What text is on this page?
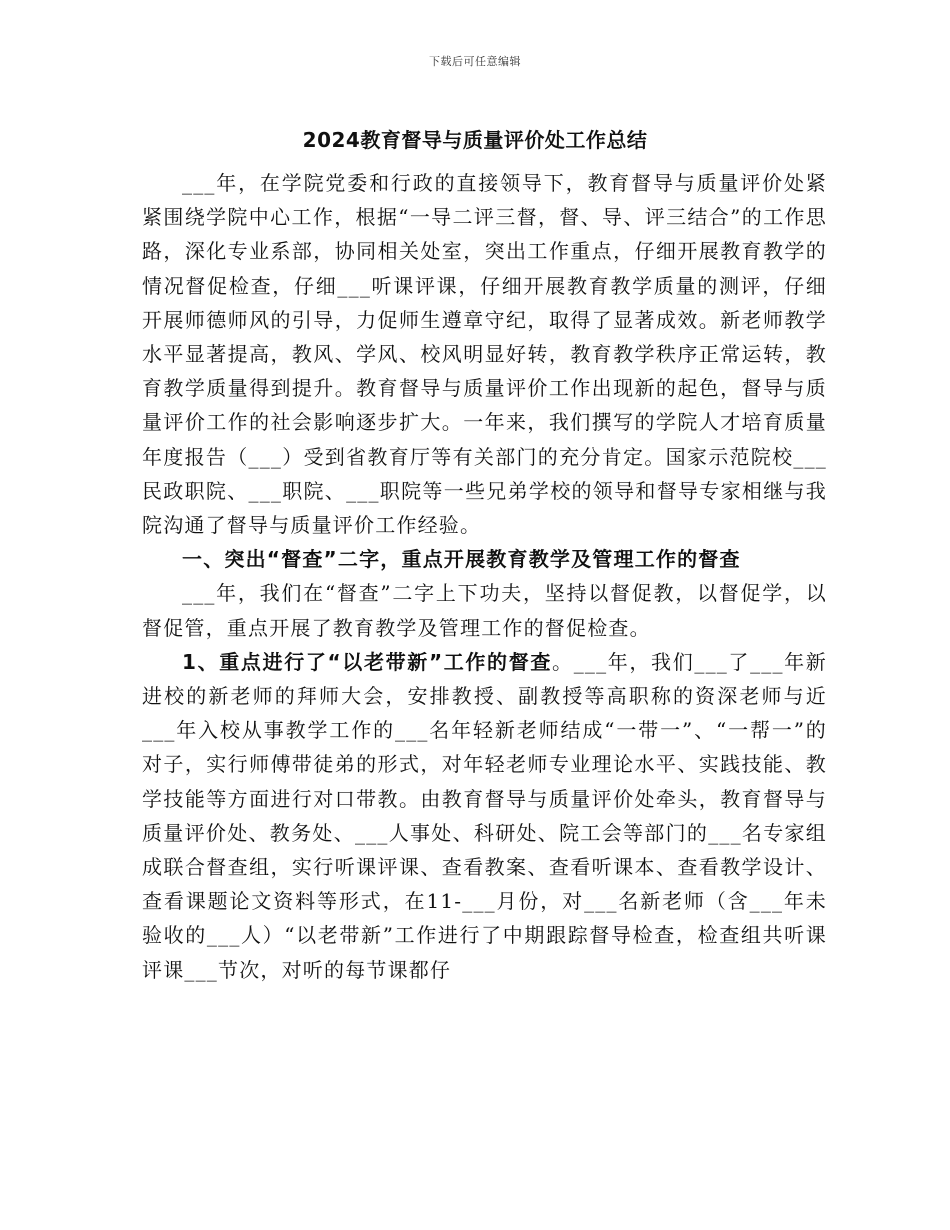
下载后可任意编辑
2024教育督导与质量评价处工作总结

___年，在学院党委和行政的直接领导下，教育督导与质量评价处紧紧围绕学院中心工作，根据“一导二评三督，督、导、评三结合”的工作思路，深化专业系部，协同相关处室，突出工作重点，仔细开展教育教学的情况督促检查，仔细___听课评课，仔细开展教育教学质量的测评，仔细开展师德师风的引导，力促师生遵章守纪，取得了显著成效。新老师教学水平显著提高，教风、学风、校风明显好转，教育教学秩序正常运转，教育教学质量得到提升。教育督导与质量评价工作出现新的起色，督导与质量评价工作的社会影响逐步扩大。一年来，我们撰写的学院人才培育质量年度报告（___）受到省教育厅等有关部门的充分肯定。国家示范院校___民政职院、___职院、___职院等一些兄弟学校的领导和督导专家相继与我院沟通了督导与质量评价工作经验。

一、突出“督查”二字，重点开展教育教学及管理工作的督查

___年，我们在“督查”二字上下功夫，坚持以督促教，以督促学，以督促管，重点开展了教育教学及管理工作的督促检查。

1、重点进行了“以老带新”工作的督查。___年，我们___了___年新进校的新老师的拜师大会，安排教授、副教授等高职称的资深老师与近___年入校从事教学工作的___名年轻新老师结成“一带一”、“一帮一”的对子，实行师傅带徒弟的形式，对年轻老师专业理论水平、实践技能、教学技能等方面进行对口带教。由教育督导与质量评价处牵头，教育督导与质量评价处、教务处、___人事处、科研处、院工会等部门的___名专家组成联合督查组，实行听课评课、查看教案、查看听课本、查看教学设计、查看课题论文资料等形式，在11-___月份，对___名新老师（含___年未验收的___人）“以老带新”工作进行了中期跟踪督导检查，检查组共听课评课___节次，对听的每节课都仔
